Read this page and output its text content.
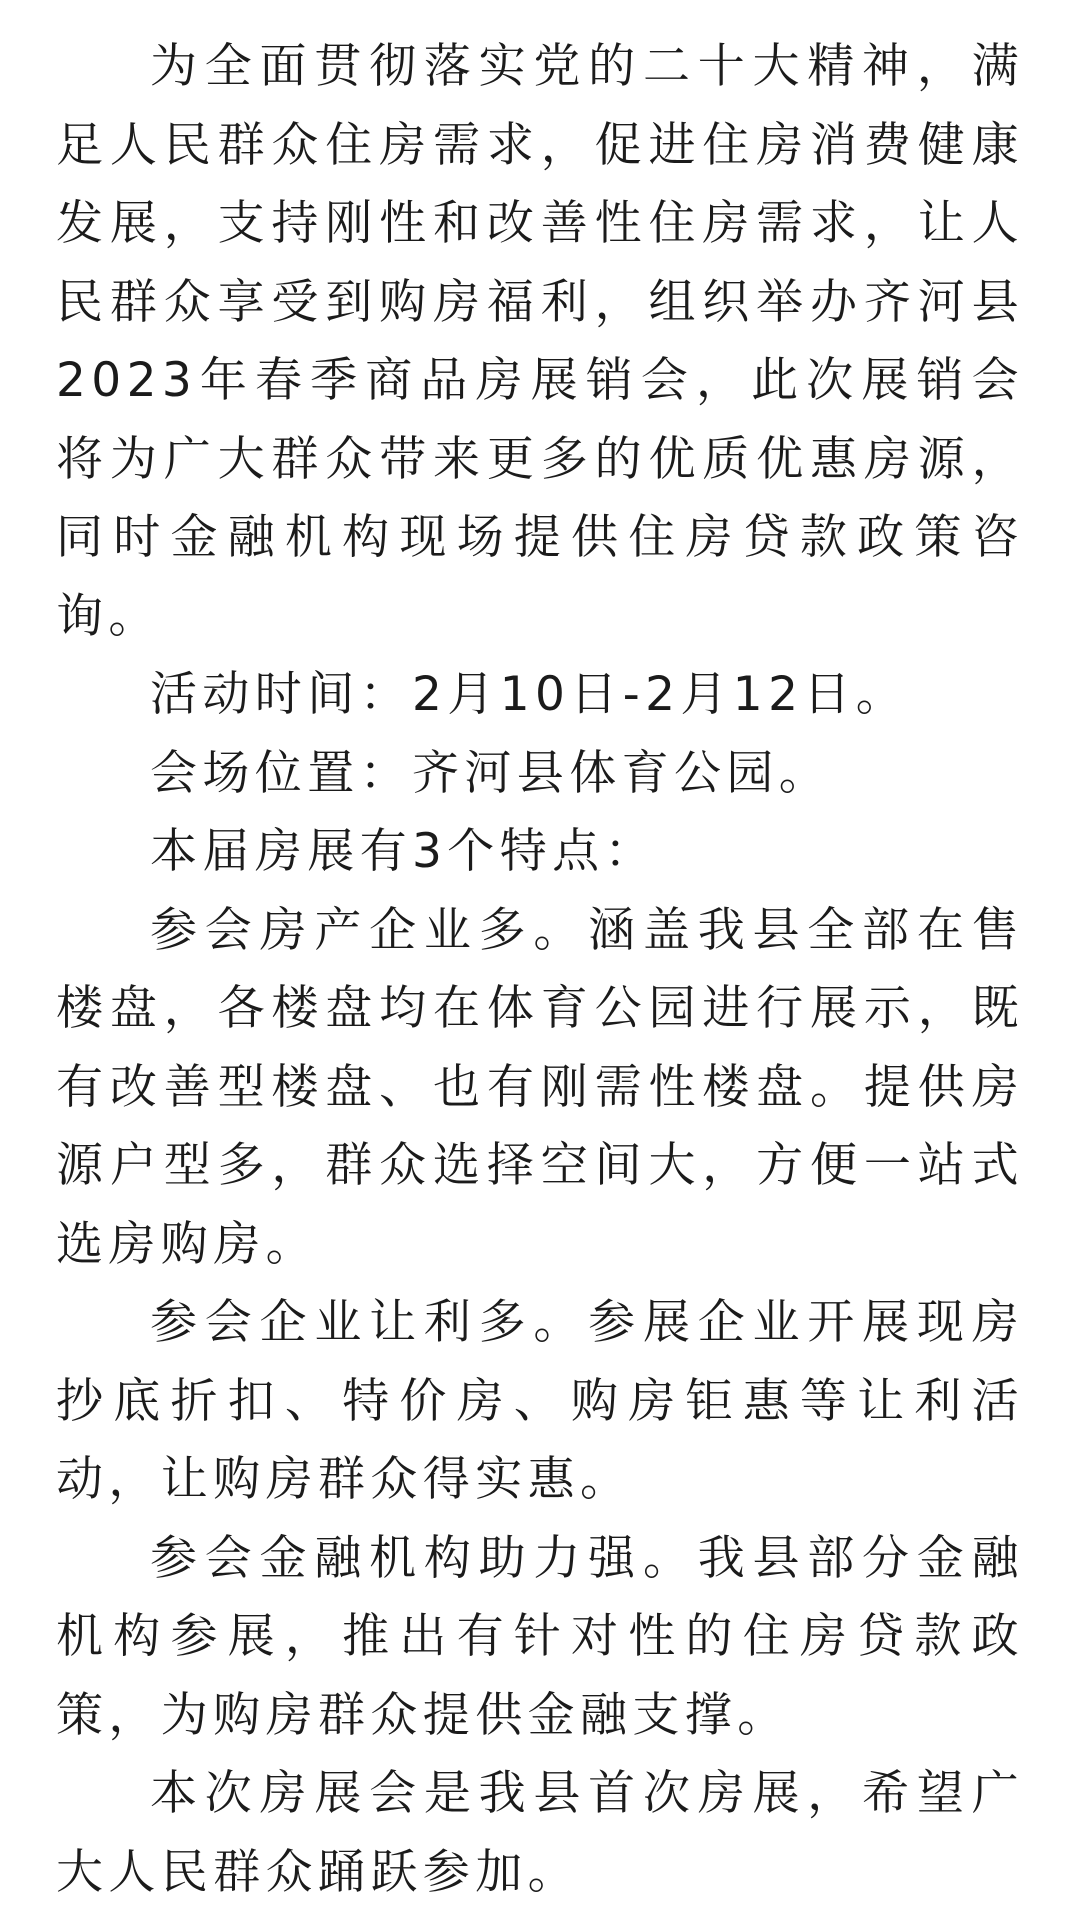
为全面贯彻落实党的二十大精神，满足人民群众住房需求，促进住房消费健康发展，支持刚性和改善性住房需求，让人民群众享受到购房福利，组织举办齐河县2023年春季商品房展销会，此次展销会将为广大群众带来更多的优质优惠房源，同时金融机构现场提供住房贷款政策咨询。

活动时间：2月10日-2月12日。

会场位置：齐河县体育公园。

本届房展有3个特点：

参会房产企业多。涵盖我县全部在售楼盘，各楼盘均在体育公园进行展示，既有改善型楼盘、也有刚需性楼盘。提供房源户型多，群众选择空间大，方便一站式选房购房。

参会企业让利多。参展企业开展现房抄底折扣、特价房、购房钜惠等让利活动，让购房群众得实惠。

参会金融机构助力强。我县部分金融机构参展，推出有针对性的住房贷款政策，为购房群众提供金融支撑。

本次房展会是我县首次房展，希望广大人民群众踊跃参加。
